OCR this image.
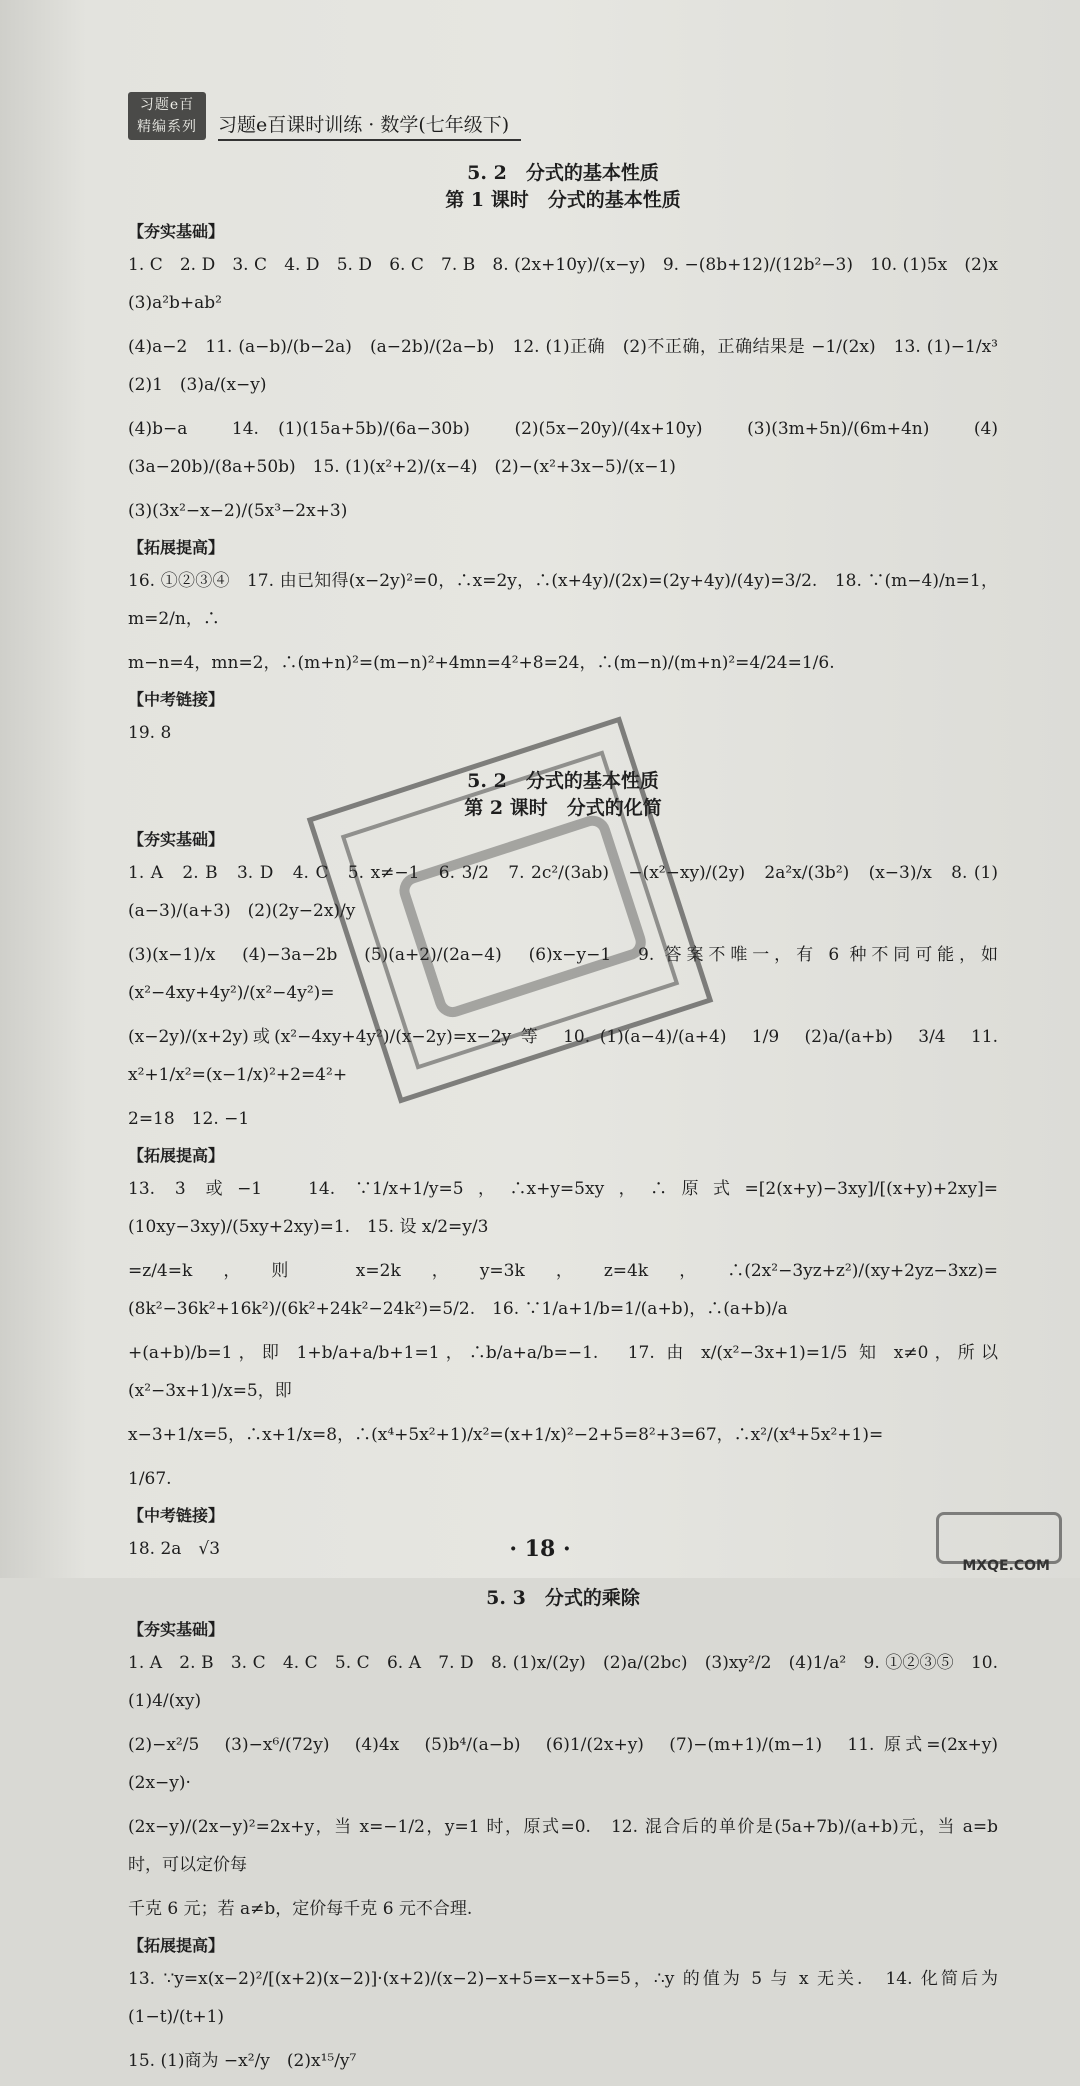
习题e百
精编系列	习题e百课时训练 · 数学(七年级下)

5. 2　分式的基本性质

第 1 课时　分式的基本性质

【夯实基础】

1. C　2. D　3. C　4. D　5. D　6. C　7. B　8. (2x+10y)/(x−y)　9. −(8b+12)/(12b²−3)　10. (1)5x　(2)x　(3)a²b+ab²

(4)a−2　11. (a−b)/(b−2a)　(a−2b)/(2a−b)　12. (1)正确　(2)不正确，正确结果是 −1/(2x)　13. (1)−1/x³　(2)1　(3)a/(x−y)

(4)b−a　14. (1)(15a+5b)/(6a−30b)　(2)(5x−20y)/(4x+10y)　(3)(3m+5n)/(6m+4n)　(4)(3a−20b)/(8a+50b)　15. (1)(x²+2)/(x−4)　(2)−(x²+3x−5)/(x−1)

(3)(3x²−x−2)/(5x³−2x+3)

【拓展提高】

16. ①②③④　17. 由已知得(x−2y)²=0，∴x=2y，∴(x+4y)/(2x)=(2y+4y)/(4y)=3/2.　18. ∵(m−4)/n=1，m=2/n，∴

m−n=4，mn=2，∴(m+n)²=(m−n)²+4mn=4²+8=24，∴(m−n)/(m+n)²=4/24=1/6.

【中考链接】

19. 8

5. 2　分式的基本性质

第 2 课时　分式的化简

【夯实基础】

1. A　2. B　3. D　4. C　5. x≠−1　6. 3/2　7. 2c²/(3ab)　−(x²−xy)/(2y)　2a²x/(3b²)　(x−3)/x　8. (1)(a−3)/(a+3)　(2)(2y−2x)/y

(3)(x−1)/x　(4)−3a−2b　(5)(a+2)/(2a−4)　(6)x−y−1　9. 答案不唯一，有 6 种不同可能，如(x²−4xy+4y²)/(x²−4y²)=

(x−2y)/(x+2y)或(x²−4xy+4y²)/(x−2y)=x−2y 等　10. (1)(a−4)/(a+4)　1/9　(2)a/(a+b)　3/4　11. x²+1/x²=(x−1/x)²+2=4²+

2=18　12. −1

【拓展提高】

13. 3 或−1　14. ∵1/x+1/y=5，∴x+y=5xy，∴原式=[2(x+y)−3xy]/[(x+y)+2xy]=(10xy−3xy)/(5xy+2xy)=1.　15. 设 x/2=y/3

=z/4=k，则 x=2k，y=3k，z=4k，∴(2x²−3yz+z²)/(xy+2yz−3xz)=(8k²−36k²+16k²)/(6k²+24k²−24k²)=5/2.　16. ∵1/a+1/b=1/(a+b)，∴(a+b)/a

+(a+b)/b=1，即 1+b/a+a/b+1=1，∴b/a+a/b=−1.　17. 由 x/(x²−3x+1)=1/5 知 x≠0，所以(x²−3x+1)/x=5，即

x−3+1/x=5，∴x+1/x=8，∴(x⁴+5x²+1)/x²=(x+1/x)²−2+5=8²+3=67，∴x²/(x⁴+5x²+1)=

1/67.

【中考链接】

18. 2a　√3

5. 3　分式的乘除

【夯实基础】

1. A　2. B　3. C　4. C　5. C　6. A　7. D　8. (1)x/(2y)　(2)a/(2bc)　(3)xy²/2　(4)1/a²　9. ①②③⑤　10. (1)4/(xy)

(2)−x²/5　(3)−x⁶/(72y)　(4)4x　(5)b⁴/(a−b)　(6)1/(2x+y)　(7)−(m+1)/(m−1)　11. 原式=(2x+y)(2x−y)·

(2x−y)/(2x−y)²=2x+y，当 x=−1/2，y=1 时，原式=0.　12. 混合后的单价是(5a+7b)/(a+b)元，当 a=b 时，可以定价每

千克 6 元；若 a≠b，定价每千克 6 元不合理.

【拓展提高】

13. ∵y=x(x−2)²/[(x+2)(x−2)]·(x+2)/(x−2)−x+5=x−x+5=5，∴y 的值为 5 与 x 无关.　14. 化简后为(1−t)/(t+1)

15. (1)商为 −x²/y　(2)x¹⁵/y⁷

· 18 ·
MXQE.COM
